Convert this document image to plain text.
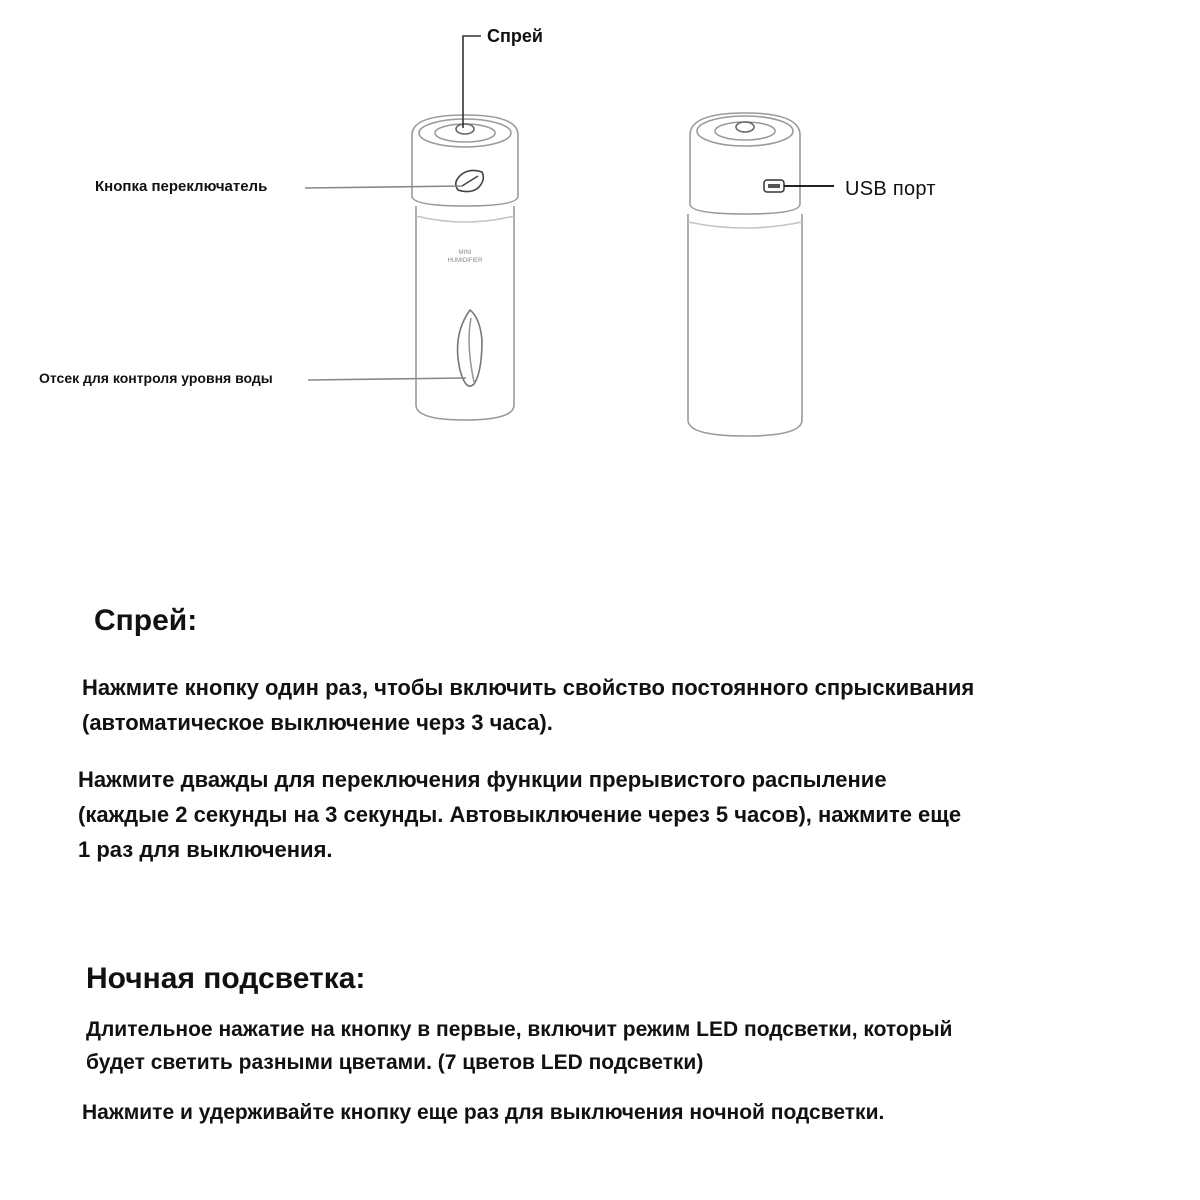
MINI
HUMIDIFIER
Спрей
Кнопка переключатель
Отсек для контроля уровня воды
USB порт
Спрей:
Нажмите кнопку один раз, чтобы включить свойство постоянного спрыскивания
(автоматическое выключение черз 3 часа).
Нажмите дважды для переключения функции прерывистого распыление
(каждые 2 секунды на 3 секунды. Автовыключение через 5 часов), нажмите еще
1 раз для выключения.
Ночная подсветка:
Длительное нажатие на кнопку в первые, включит режим LED подсветки, который
будет светить разными цветами. (7 цветов LED подсветки)
Нажмите и удерживайте кнопку еще раз для выключения ночной подсветки.
